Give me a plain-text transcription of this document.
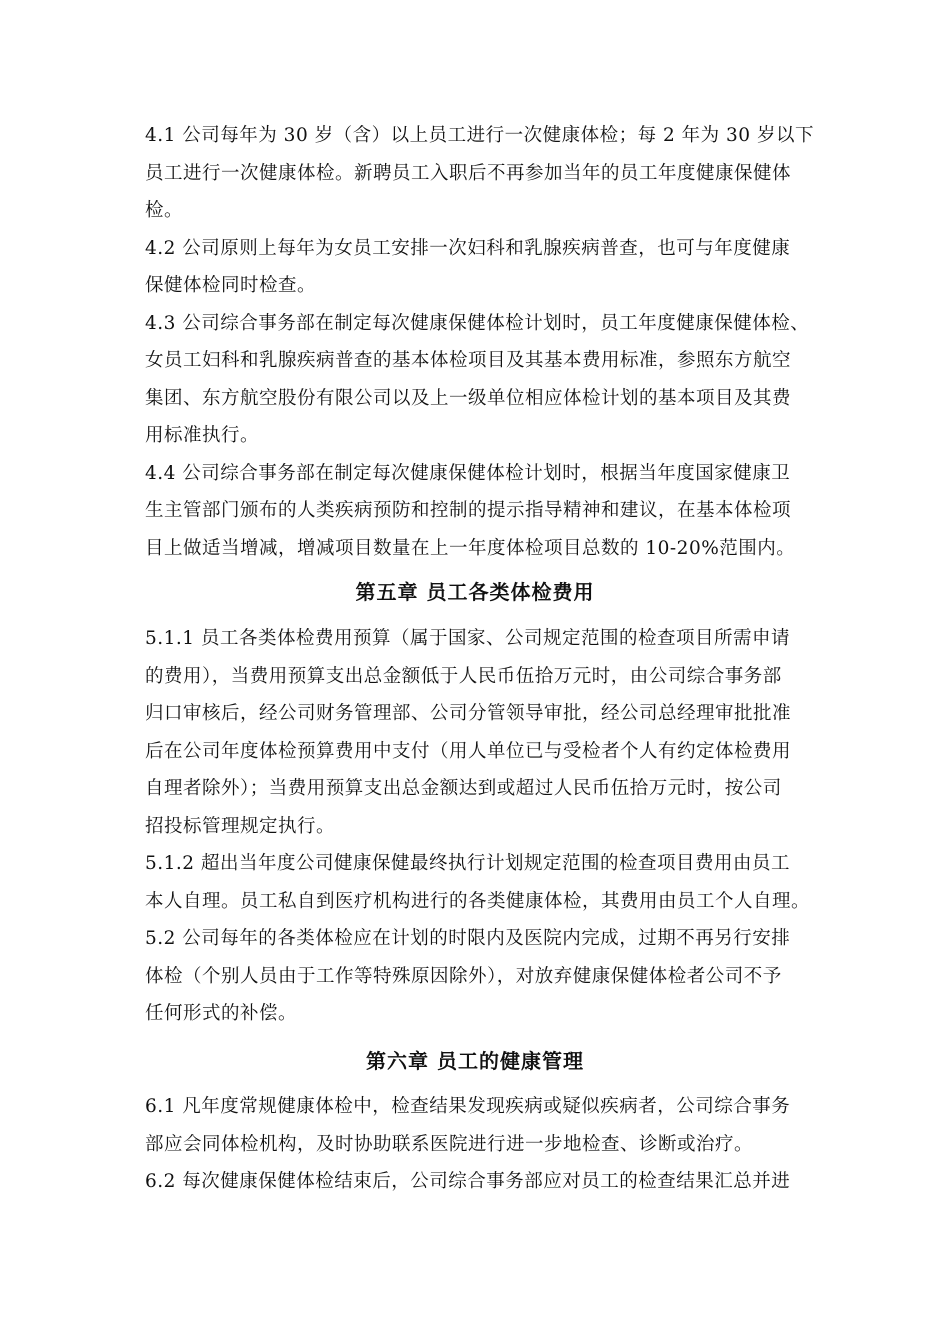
4.1 公司每年为 30 岁（含）以上员工进行一次健康体检；每 2 年为 30 岁以下
员工进行一次健康体检。新聘员工入职后不再参加当年的员工年度健康保健体
检。
4.2 公司原则上每年为女员工安排一次妇科和乳腺疾病普查，也可与年度健康
保健体检同时检查。
4.3 公司综合事务部在制定每次健康保健体检计划时，员工年度健康保健体检、
女员工妇科和乳腺疾病普查的基本体检项目及其基本费用标准，参照东方航空
集团、东方航空股份有限公司以及上一级单位相应体检计划的基本项目及其费
用标准执行。
4.4 公司综合事务部在制定每次健康保健体检计划时，根据当年度国家健康卫
生主管部门颁布的人类疾病预防和控制的提示指导精神和建议，在基本体检项
目上做适当增减，增减项目数量在上一年度体检项目总数的 10-20%范围内。
第五章 员工各类体检费用
5.1.1 员工各类体检费用预算（属于国家、公司规定范围的检查项目所需申请
的费用），当费用预算支出总金额低于人民币伍拾万元时，由公司综合事务部
归口审核后，经公司财务管理部、公司分管领导审批，经公司总经理审批批准
后在公司年度体检预算费用中支付（用人单位已与受检者个人有约定体检费用
自理者除外）；当费用预算支出总金额达到或超过人民币伍拾万元时，按公司
招投标管理规定执行。
5.1.2 超出当年度公司健康保健最终执行计划规定范围的检查项目费用由员工
本人自理。员工私自到医疗机构进行的各类健康体检，其费用由员工个人自理。
5.2 公司每年的各类体检应在计划的时限内及医院内完成，过期不再另行安排
体检（个别人员由于工作等特殊原因除外），对放弃健康保健体检者公司不予
任何形式的补偿。
第六章 员工的健康管理
6.1 凡年度常规健康体检中，检查结果发现疾病或疑似疾病者，公司综合事务
部应会同体检机构，及时协助联系医院进行进一步地检查、诊断或治疗。
6.2 每次健康保健体检结束后，公司综合事务部应对员工的检查结果汇总并进
